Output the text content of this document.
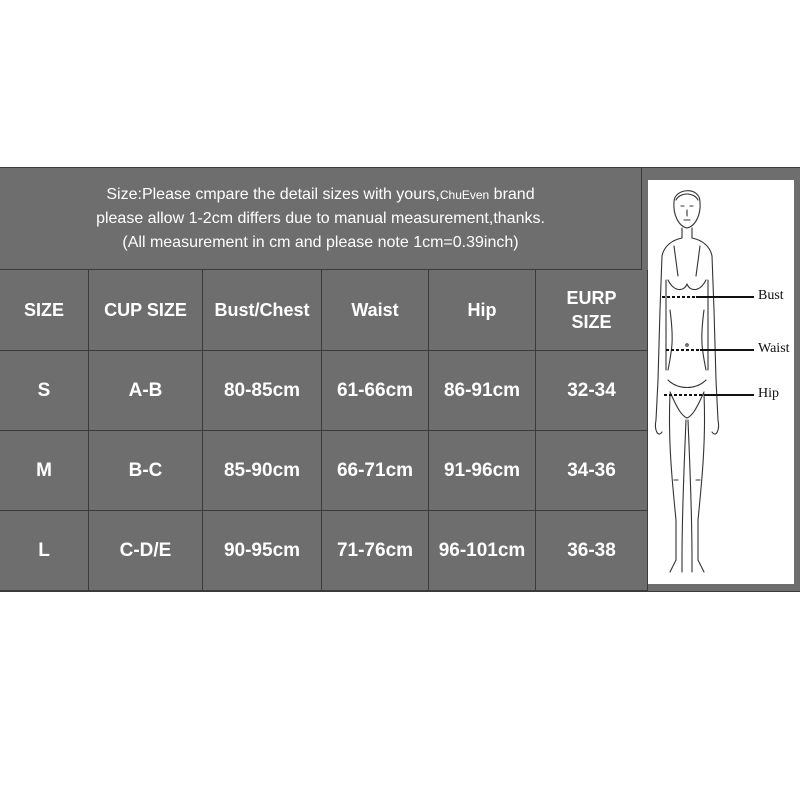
Size:Please cmpare the detail sizes with yours,ChuEven brand
please allow 1-2cm differs due to manual measurement,thanks.
(All measurement in cm and please note 1cm=0.39inch)
SIZE	CUP SIZE	Bust/Chest	Waist	Hip	EURP SIZE
S	A-B	80-85cm	61-66cm	86-91cm	32-34
M	B-C	85-90cm	66-71cm	91-96cm	34-36
L	C-D/E	90-95cm	71-76cm	96-101cm	36-38
Bust
Waist
Hip
